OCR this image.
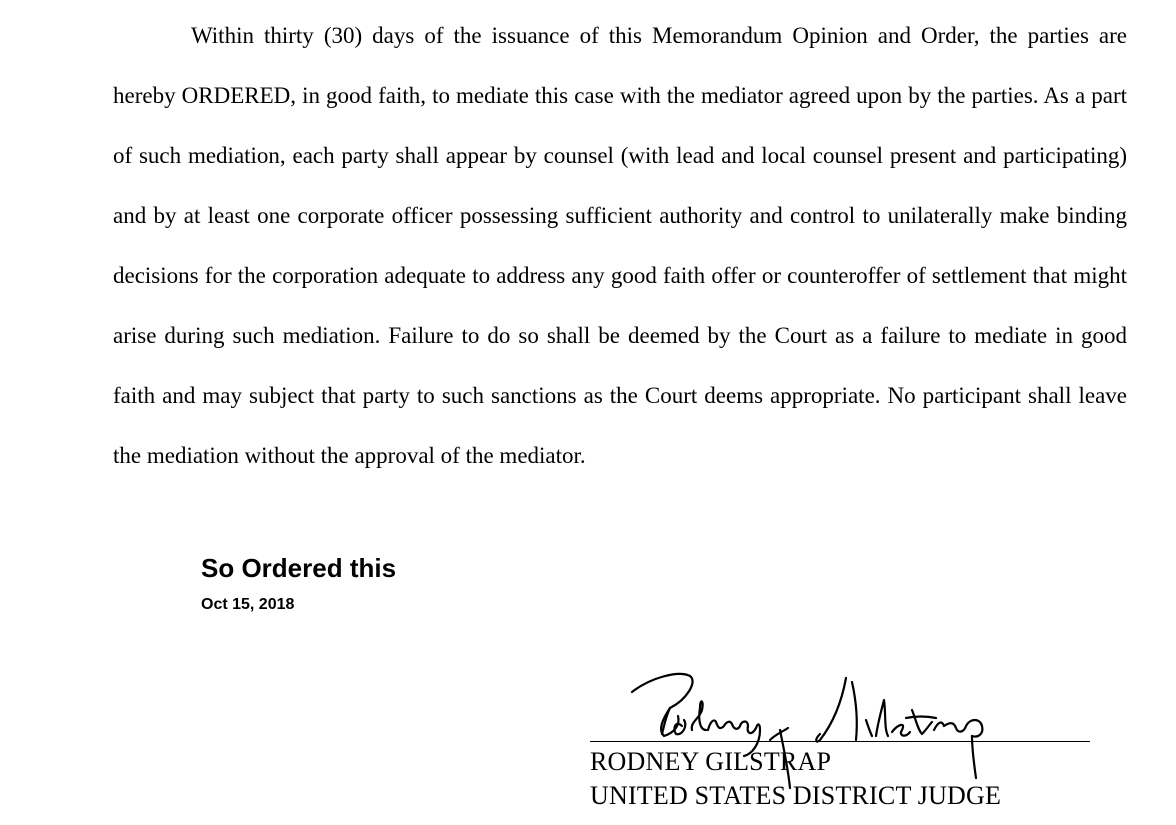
Within thirty (30) days of the issuance of this Memorandum Opinion and Order, the parties are hereby ORDERED, in good faith, to mediate this case with the mediator agreed upon by the parties. As a part of such mediation, each party shall appear by counsel (with lead and local counsel present and participating) and by at least one corporate officer possessing sufficient authority and control to unilaterally make binding decisions for the corporation adequate to address any good faith offer or counteroffer of settlement that might arise during such mediation. Failure to do so shall be deemed by the Court as a failure to mediate in good faith and may subject that party to such sanctions as the Court deems appropriate. No participant shall leave the mediation without the approval of the mediator.

So Ordered this
Oct 15, 2018
RODNEY GILSTRAP
UNITED STATES DISTRICT JUDGE
